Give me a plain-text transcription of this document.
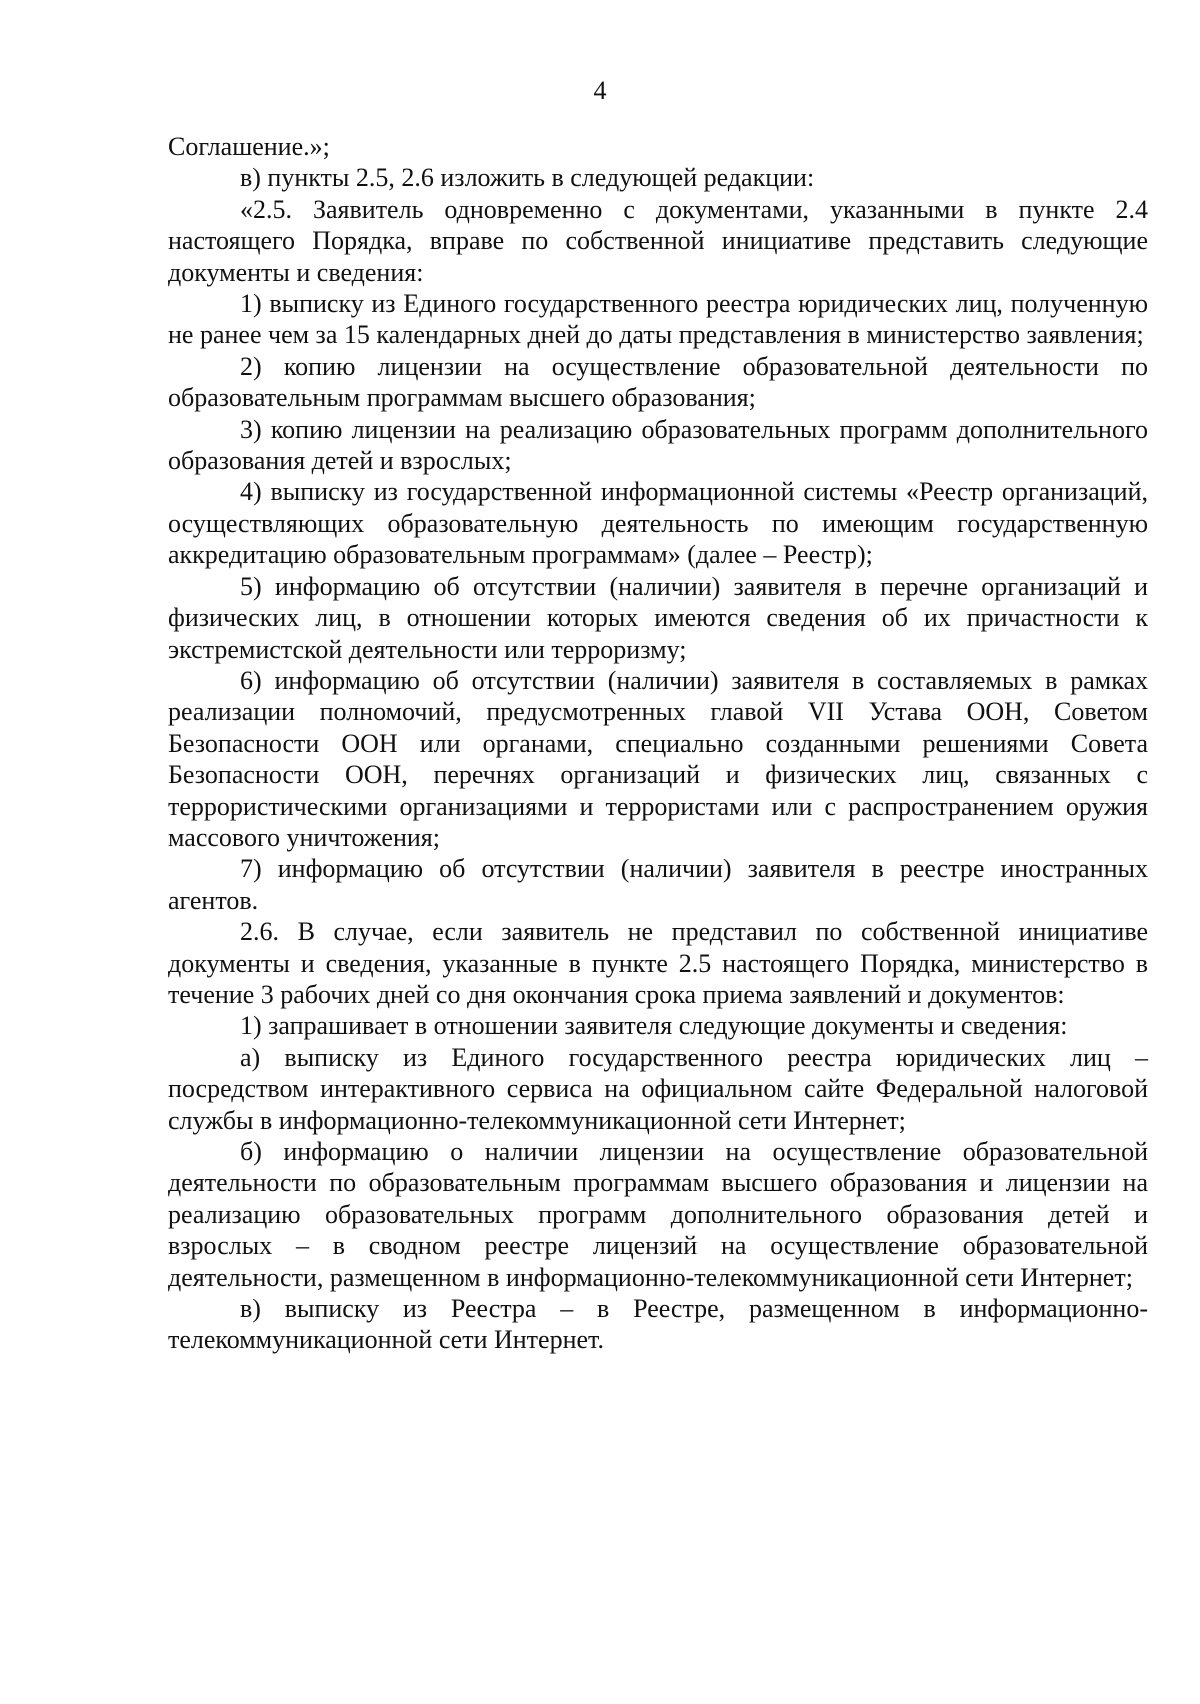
4

Соглашение.»;

в) пункты 2.5, 2.6 изложить в следующей редакции:

«2.5. Заявитель одновременно с документами, указанными в пункте 2.4 настоящего Порядка, вправе по собственной инициативе представить следующие документы и сведения:

1) выписку из Единого государственного реестра юридических лиц, полученную не ранее чем за 15 календарных дней до даты представления в министерство заявления;

2) копию лицензии на осуществление образовательной деятельности по образовательным программам высшего образования;

3) копию лицензии на реализацию образовательных программ дополнительного образования детей и взрослых;

4) выписку из государственной информационной системы «Реестр организаций, осуществляющих образовательную деятельность по имеющим государственную аккредитацию образовательным программам» (далее – Реестр);

5) информацию об отсутствии (наличии) заявителя в перечне организаций и физических лиц, в отношении которых имеются сведения об их причастности к экстремистской деятельности или терроризму;

6) информацию об отсутствии (наличии) заявителя в составляемых в рамках реализации полномочий, предусмотренных главой VII Устава ООН, Советом Безопасности ООН или органами, специально созданными решениями Совета Безопасности ООН, перечнях организаций и физических лиц, связанных с террористическими организациями и террористами или с распространением оружия массового уничтожения;

7) информацию об отсутствии (наличии) заявителя в реестре иностранных агентов.

2.6. В случае, если заявитель не представил по собственной инициативе документы и сведения, указанные в пункте 2.5 настоящего Порядка, министерство в течение 3 рабочих дней со дня окончания срока приема заявлений и документов:

1) запрашивает в отношении заявителя следующие документы и сведения:

а) выписку из Единого государственного реестра юридических лиц – посредством интерактивного сервиса на официальном сайте Федеральной налоговой службы в информационно-телекоммуникационной сети Интернет;

б) информацию о наличии лицензии на осуществление образовательной деятельности по образовательным программам высшего образования и лицензии на реализацию образовательных программ дополнительного образования детей и взрослых – в сводном реестре лицензий на осуществление образовательной деятельности, размещенном в информационно-телекоммуникационной сети Интернет;

в) выписку из Реестра – в Реестре, размещенном в информационно-телекоммуникационной сети Интернет.
